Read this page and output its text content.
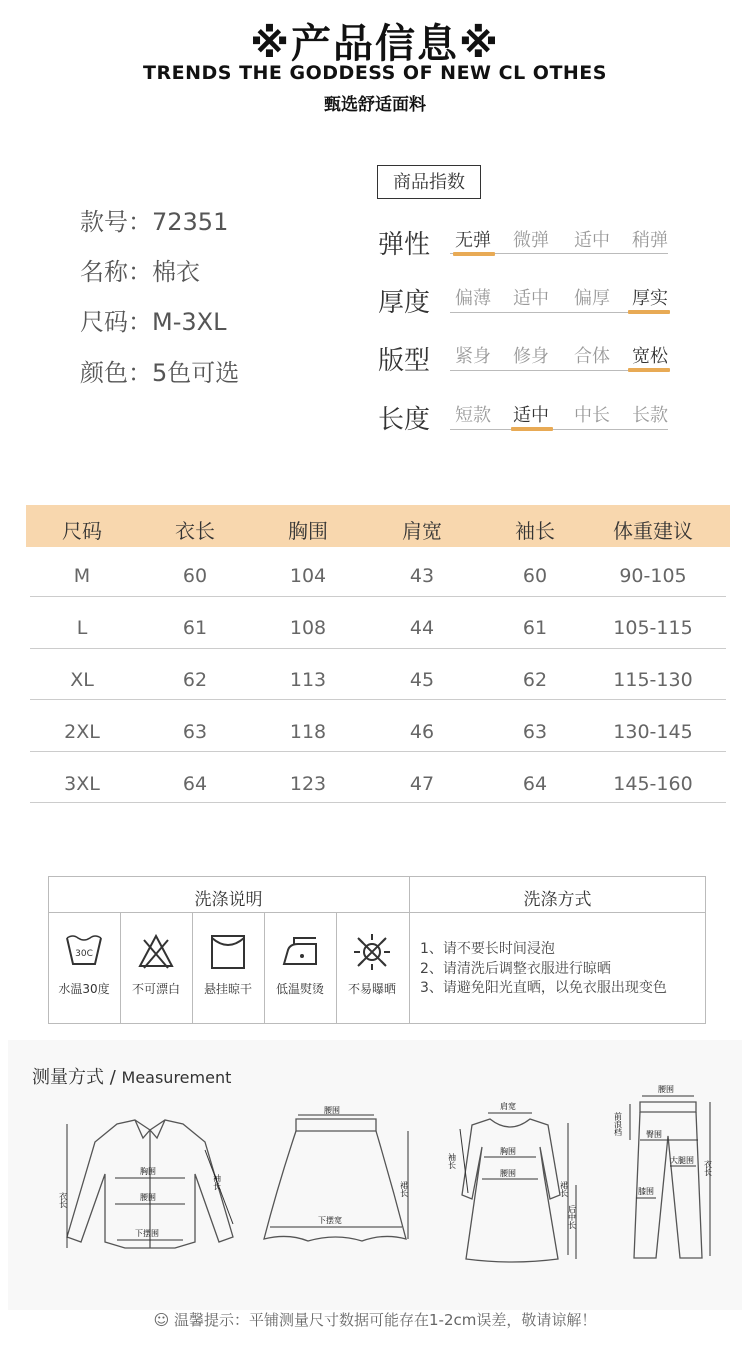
※产品信息※
TRENDS THE GODDESS OF NEW CL OTHES
甄选舒适面料
款号：72351
名称：棉衣
尺码：M-3XL
颜色：5色可选
商品指数
弹性	无弹	微弹	适中	稍弹
厚度	偏薄	适中	偏厚	厚实
版型	紧身	修身	合体	宽松
长度	短款	适中	中长	长款
尺码	衣长	胸围	肩宽	袖长	体重建议
M	60	104	43	60	90-105
L	61	108	44	61	105-115
XL	62	113	45	62	115-130
2XL	63	118	46	63	130-145
3XL	64	123	47	64	145-160
洗涤说明	洗涤方式
30C
水温30度	不可漂白	悬挂晾干	低温熨烫	不易曝晒
1、请不要长时间浸泡
2、请清洗后调整衣服进行晾晒
3、请避免阳光直晒，以免衣服出现变色
测量方式 / Measurement
衣长
胸围
腰围
下摆围
袖长
腰围
裙长
下摆宽
肩宽
袖长
胸围
腰围
裙长
后中长
腰围
前浪档	臀围
大腿围
膝围
衣长
☺ 温馨提示：平铺测量尺寸数据可能存在1-2cm误差，敬请谅解！
